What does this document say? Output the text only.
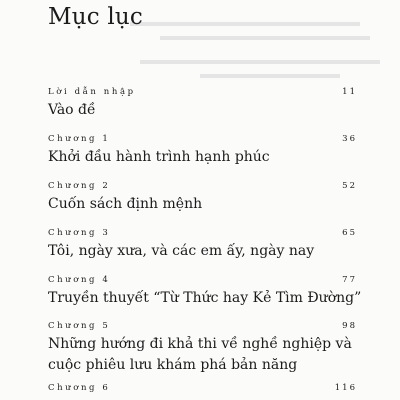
Mục lục
Lời dẫn nhập	11
Vào đề
Chương 1	36
Khởi đầu hành trình hạnh phúc
Chương 2	52
Cuốn sách định mệnh
Chương 3	65
Tôi, ngày xưa, và các em ấy, ngày nay
Chương 4	77
Truyền thuyết “Từ Thức hay Kẻ Tìm Đường”
Chương 5	98
Những hướng đi khả thi về nghề nghiệp và cuộc phiêu lưu khám phá bản năng
Chương 6	116
